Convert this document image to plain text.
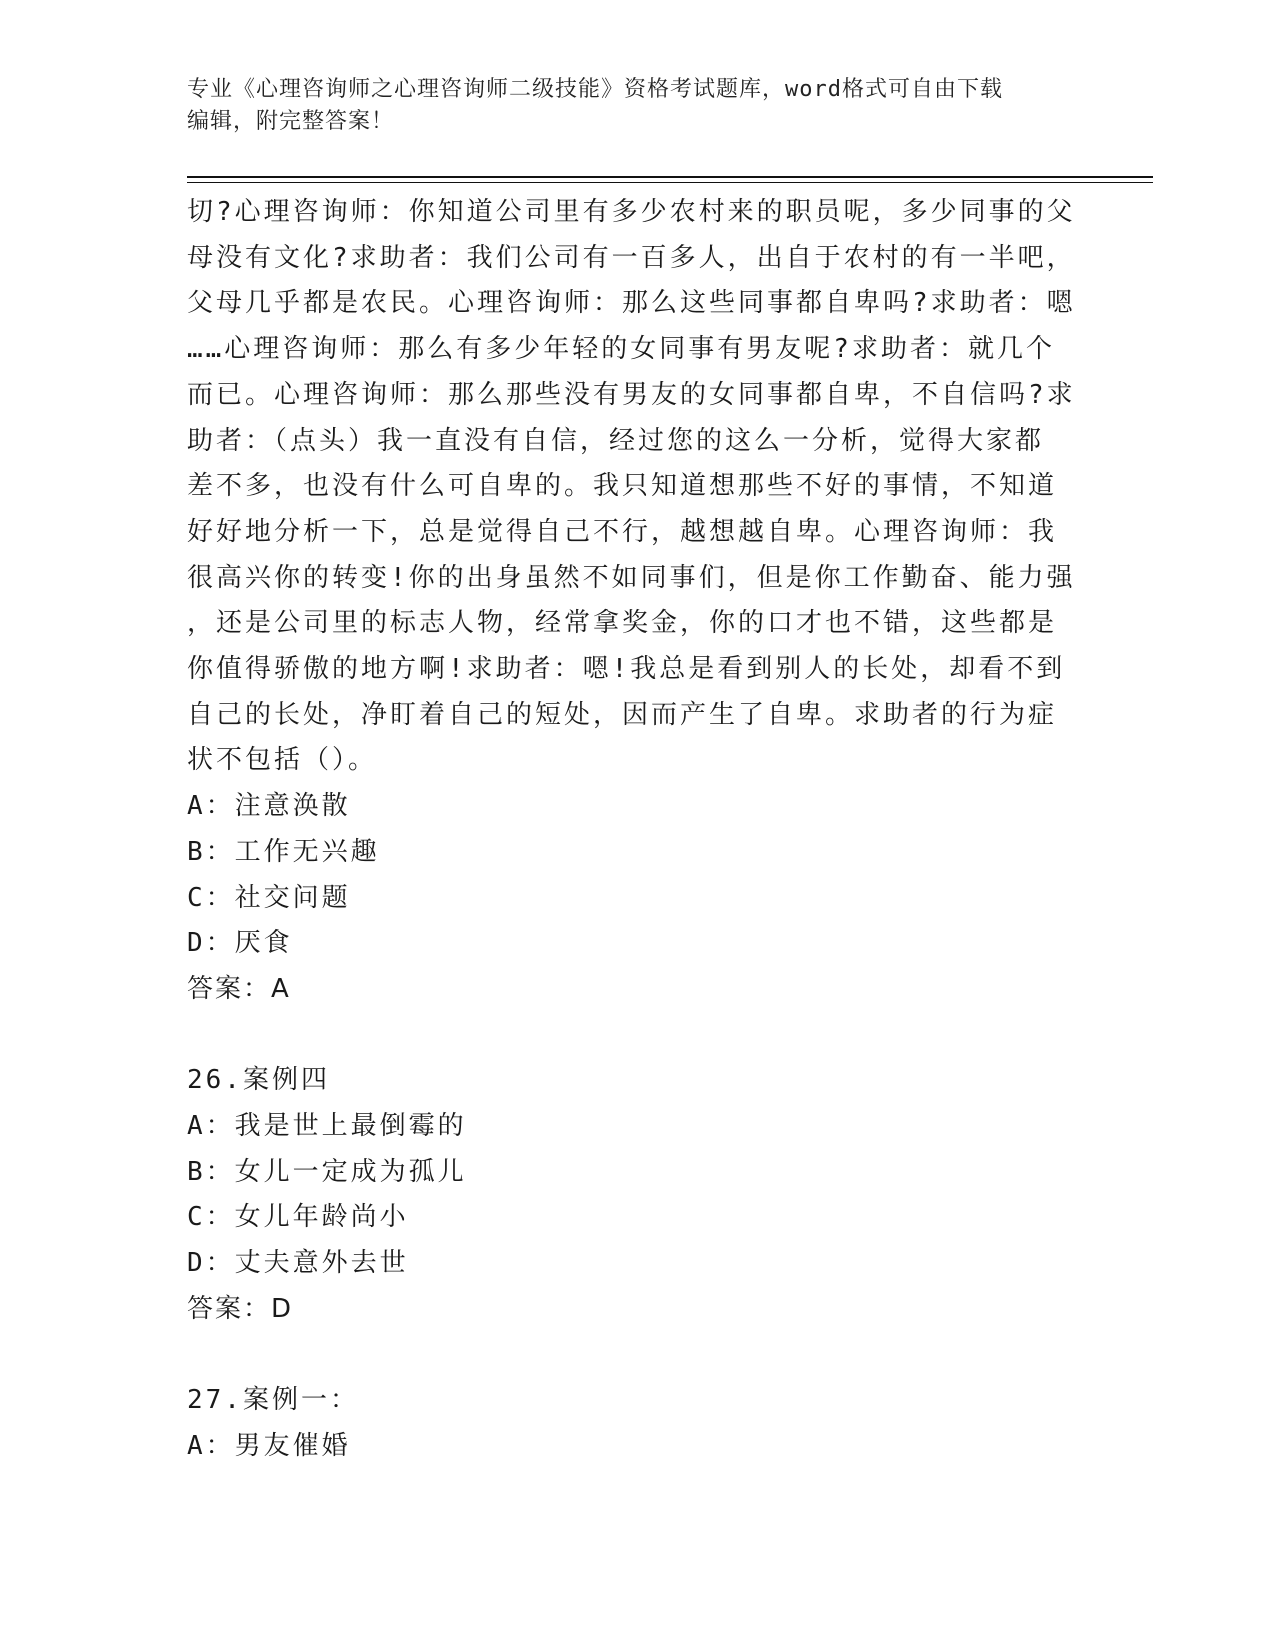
专业《心理咨询师之心理咨询师二级技能》资格考试题库，word格式可自由下载

编辑，附完整答案！

切?心理咨询师：你知道公司里有多少农村来的职员呢，多少同事的父

母没有文化?求助者：我们公司有一百多人，出自于农村的有一半吧，

父母几乎都是农民。心理咨询师：那么这些同事都自卑吗?求助者：嗯

……心理咨询师：那么有多少年轻的女同事有男友呢?求助者：就几个

而已。心理咨询师：那么那些没有男友的女同事都自卑，不自信吗?求

助者：（点头）我一直没有自信，经过您的这么一分析，觉得大家都

差不多，也没有什么可自卑的。我只知道想那些不好的事情，不知道

好好地分析一下，总是觉得自己不行，越想越自卑。心理咨询师：我

很高兴你的转变!你的出身虽然不如同事们，但是你工作勤奋、能力强

，还是公司里的标志人物，经常拿奖金，你的口才也不错，这些都是

你值得骄傲的地方啊!求助者：嗯!我总是看到别人的长处，却看不到

自己的长处，净盯着自己的短处，因而产生了自卑。求助者的行为症

状不包括（）。

A：注意涣散

B：工作无兴趣

C：社交问题

D：厌食

答案：A

26.案例四

A：我是世上最倒霉的

B：女儿一定成为孤儿

C：女儿年龄尚小

D：丈夫意外去世

答案：D

27.案例一：

A：男友催婚
